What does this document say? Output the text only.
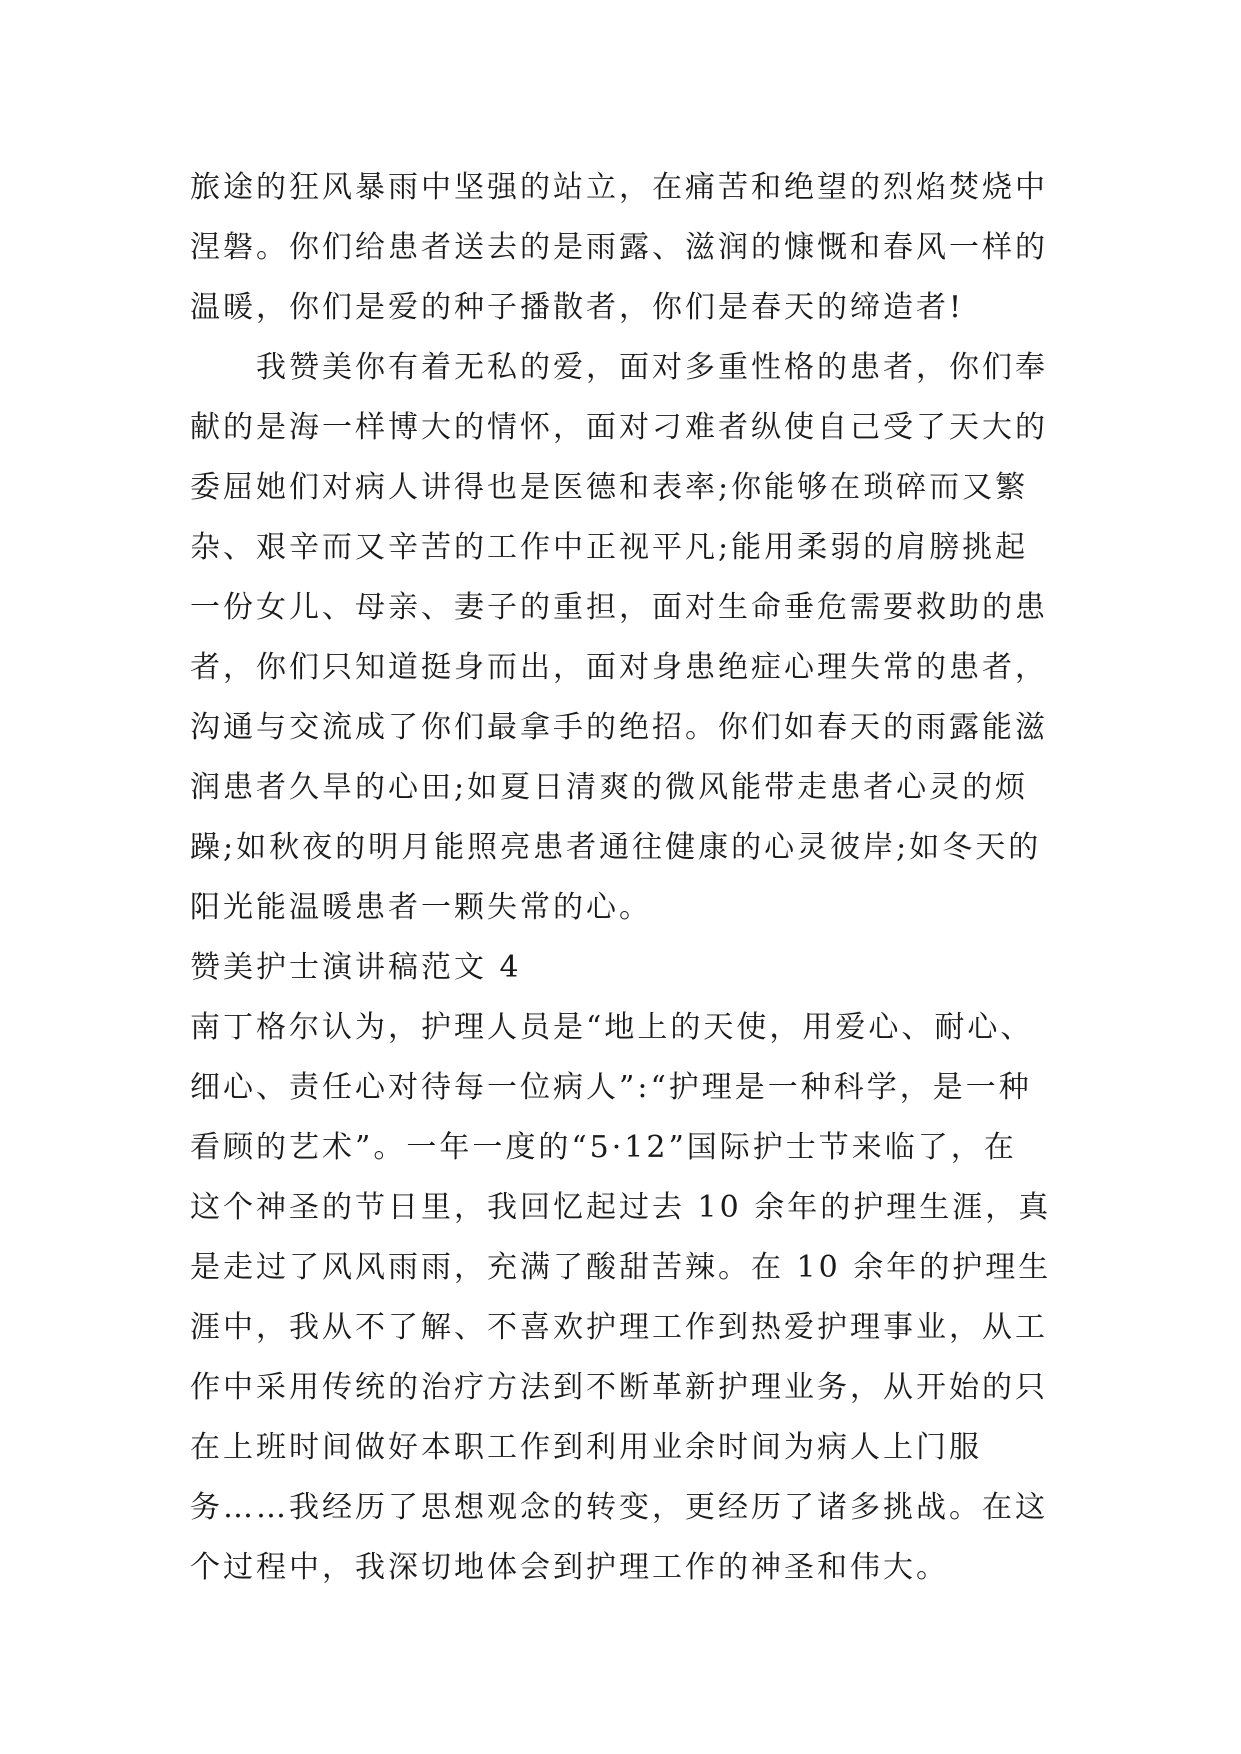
旅途的狂风暴雨中坚强的站立，在痛苦和绝望的烈焰焚烧中
涅磐。你们给患者送去的是雨露、滋润的慷慨和春风一样的
温暖，你们是爱的种子播散者，你们是春天的缔造者!
我赞美你有着无私的爱，面对多重性格的患者，你们奉
献的是海一样博大的情怀，面对刁难者纵使自己受了天大的
委屈她们对病人讲得也是医德和表率;你能够在琐碎而又繁
杂、艰辛而又辛苦的工作中正视平凡;能用柔弱的肩膀挑起
一份女儿、母亲、妻子的重担，面对生命垂危需要救助的患
者，你们只知道挺身而出，面对身患绝症心理失常的患者，
沟通与交流成了你们最拿手的绝招。你们如春天的雨露能滋
润患者久旱的心田;如夏日清爽的微风能带走患者心灵的烦
躁;如秋夜的明月能照亮患者通往健康的心灵彼岸;如冬天的
阳光能温暖患者一颗失常的心。
赞美护士演讲稿范文 4
南丁格尔认为，护理人员是“地上的天使，用爱心、耐心、
细心、责任心对待每一位病人”:“护理是一种科学，是一种
看顾的艺术”。一年一度的“5·12”国际护士节来临了，在
这个神圣的节日里，我回忆起过去 10 余年的护理生涯，真
是走过了风风雨雨，充满了酸甜苦辣。在 10 余年的护理生
涯中，我从不了解、不喜欢护理工作到热爱护理事业，从工
作中采用传统的治疗方法到不断革新护理业务，从开始的只
在上班时间做好本职工作到利用业余时间为病人上门服
务……我经历了思想观念的转变，更经历了诸多挑战。在这
个过程中，我深切地体会到护理工作的神圣和伟大。
